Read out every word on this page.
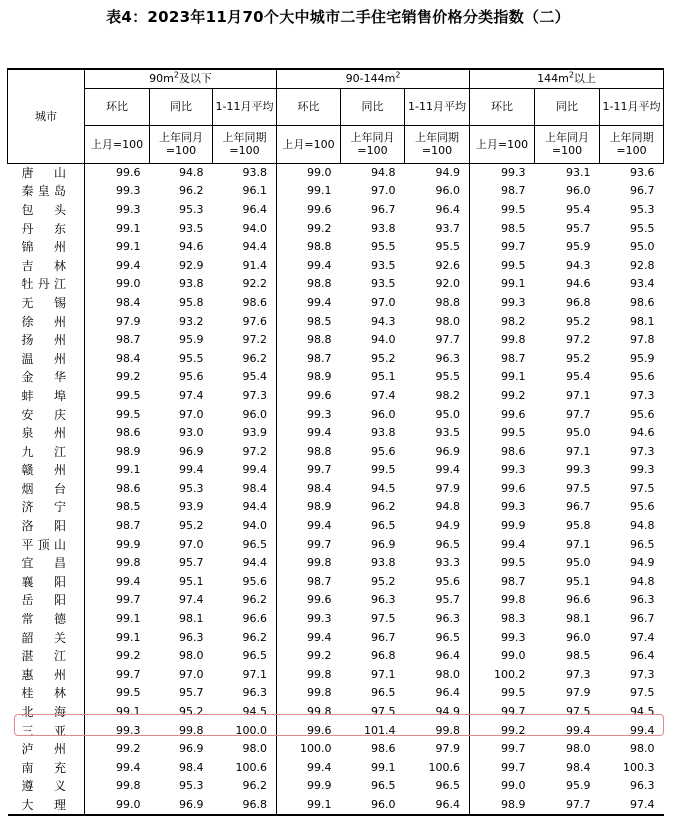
表4：2023年11月70个大中城市二手住宅销售价格分类指数（二）
城市	$90m^2$及以下			$90-144m^2$			$144m^2$以上		
	环比	同比	1-11月平均	环比	同比	1-11月平均	环比	同比	1-11月平均
	上月=100	上年同月=100	上年同期=100	上月=100	上年同月=100	上年同期=100	上月=100	上年同月=100	上年同期=100
唐山	99.6	94.8	93.8	99.0	94.8	94.9	99.3	93.1	93.6
秦皇岛	99.3	96.2	96.1	99.1	97.0	96.0	98.7	96.0	96.7
包头	99.3	95.3	96.4	99.6	96.7	96.4	99.5	95.4	95.3
丹东	99.1	93.5	94.0	99.2	93.8	93.7	98.5	95.7	95.5
锦州	99.1	94.6	94.4	98.8	95.5	95.5	99.7	95.9	95.0
吉林	99.4	92.9	91.4	99.4	93.5	92.6	99.5	94.3	92.8
牡丹江	99.0	93.8	92.2	98.8	93.5	92.0	99.1	94.6	93.4
无锡	98.4	95.8	98.6	99.4	97.0	98.8	99.3	96.8	98.6
徐州	97.9	93.2	97.6	98.5	94.3	98.0	98.2	95.2	98.1
扬州	98.7	95.9	97.2	98.8	94.0	97.7	99.8	97.2	97.8
温州	98.4	95.5	96.2	98.7	95.2	96.3	98.7	95.2	95.9
金华	99.2	95.6	95.4	98.9	95.1	95.5	99.1	95.4	95.6
蚌埠	99.5	97.4	97.3	99.6	97.4	98.2	99.2	97.1	97.3
安庆	99.5	97.0	96.0	99.3	96.0	95.0	99.6	97.7	95.6
泉州	98.6	93.0	93.9	99.4	93.8	93.5	99.5	95.0	94.6
九江	98.9	96.9	97.2	98.8	95.6	96.9	98.6	97.1	97.3
赣州	99.1	99.4	99.4	99.7	99.5	99.4	99.3	99.3	99.3
烟台	98.6	95.3	98.4	98.4	94.5	97.9	99.6	97.5	97.5
济宁	98.5	93.9	94.4	98.9	96.2	94.8	99.3	96.7	95.6
洛阳	98.7	95.2	94.0	99.4	96.5	94.9	99.9	95.8	94.8
平顶山	99.9	97.0	96.5	99.7	96.9	96.5	99.4	97.1	96.5
宜昌	99.8	95.7	94.4	99.8	93.8	93.3	99.5	95.0	94.9
襄阳	99.4	95.1	95.6	98.7	95.2	95.6	98.7	95.1	94.8
岳阳	99.7	97.4	96.2	99.6	96.3	95.7	99.8	96.6	96.3
常德	99.1	98.1	96.6	99.3	97.5	96.3	98.3	98.1	96.7
韶关	99.1	96.3	96.2	99.4	96.7	96.5	99.3	96.0	97.4
湛江	99.2	98.0	96.5	99.2	96.8	96.4	99.0	98.5	96.4
惠州	99.7	97.0	97.1	99.8	97.1	98.0	100.2	97.3	97.3
桂林	99.5	95.7	96.3	99.8	96.5	96.4	99.5	97.9	97.5
北海	99.1	95.2	94.5	99.8	97.5	94.9	99.7	97.5	94.5
三亚	99.3	99.8	100.0	99.6	101.4	99.8	99.2	99.4	99.4
泸州	99.2	96.9	98.0	100.0	98.6	97.9	99.7	98.0	98.0
南充	99.4	98.4	100.6	99.4	99.1	100.6	99.7	98.4	100.3
遵义	99.8	95.3	96.2	99.9	96.5	96.5	99.0	95.9	96.3
大理	99.0	96.9	96.8	99.1	96.0	96.4	98.9	97.7	97.4
